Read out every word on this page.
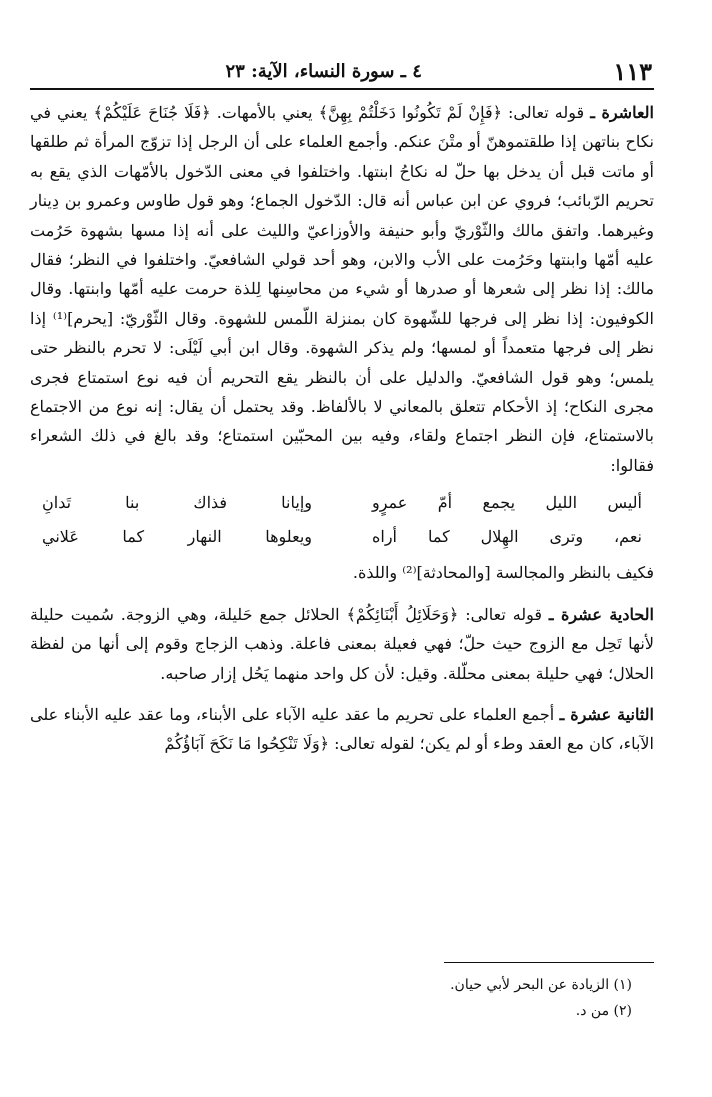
١١٣
٤ ـ سورة النساء، الآية: ٢٣

العاشرة ـ قوله تعالى: ﴿فَإِنْ لَمْ تَكُونُوا دَخَلْتُمْ بِهِنَّ﴾ يعني بالأمهات. ﴿فَلَا جُنَاحَ عَلَيْكُمْ﴾ يعني في نكاح بناتهن إذا طلقتموهنّ أو متْنَ عنكم. وأجمع العلماء على أن الرجل إذا تزوّج المرأة ثم طلقها أو ماتت قبل أن يدخل بها حلّ له نكاحُ ابنتها. واختلفوا في معنى الدّخول بالأمّهات الذي يقع به تحريم الرّبائب؛ فروي عن ابن عباس أنه قال: الدّخول الجماع؛ وهو قول طاوس وعمرو بن دِينار وغيرهما. واتفق مالك والثّوْريّ وأبو حنيفة والأوزاعيّ والليث على أنه إذا مسها بشهوة حَرُمت عليه أمّها وابنتها وحَرُمت على الأب والابن، وهو أحد قولي الشافعيّ. واختلفوا في النظر؛ فقال مالك: إذا نظر إلى شعرها أو صدرها أو شيء من محاسِنها لِلذة حرمت عليه أمّها وابنتها. وقال الكوفيون: إذا نظر إلى فرجها للشّهوة كان بمنزلة اللّمس للشهوة. وقال الثّوْريّ: [يحرم]⁽¹⁾ إذا نظر إلى فرجها متعمداً أو لمسها؛ ولم يذكر الشهوة. وقال ابن أبي لَيْلَى: لا تحرم بالنظر حتى يلمس؛ وهو قول الشافعيّ. والدليل على أن بالنظر يقع التحريم أن فيه نوع استمتاع فجرى مجرى النكاح؛ إذ الأحكام تتعلق بالمعاني لا بالألفاظ. وقد يحتمل أن يقال: إنه نوع من الاجتماع بالاستمتاع، فإن النظر اجتماع ولقاء، وفيه بين المحبّين استمتاع؛ وقد بالغ في ذلك الشعراء فقالوا:

أليس الليل يجمع أمّ عمرٍو
وإيانا فذاك بنا تَدانِ
نعم، وترى الهِلال كما أراه
ويعلوها النهار كما عَلاني

فكيف بالنظر والمجالسة [والمحادثة]⁽²⁾ واللذة.

الحادية عشرة ـ قوله تعالى: ﴿وَحَلَائِلُ أَبْنَائِكُمْ﴾ الحلائل جمع حَليلة، وهي الزوجة. سُميت حليلة لأنها تَحِل مع الزوج حيث حلّ؛ فهي فعيلة بمعنى فاعلة. وذهب الزجاج وقوم إلى أنها من لفظة الحلال؛ فهي حليلة بمعنى محلّلة. وقيل: لأن كل واحد منهما يَحُل إزار صاحبه.

الثانية عشرة ـ أجمع العلماء على تحريم ما عقد عليه الآباء على الأبناء، وما عقد عليه الأبناء على الآباء، كان مع العقد وطء أو لم يكن؛ لقوله تعالى: ﴿وَلَا تَنْكِحُوا مَا نَكَحَ آبَاؤُكُمْ

(١) الزيادة عن البحر لأبي حيان.
(٢) من د.
